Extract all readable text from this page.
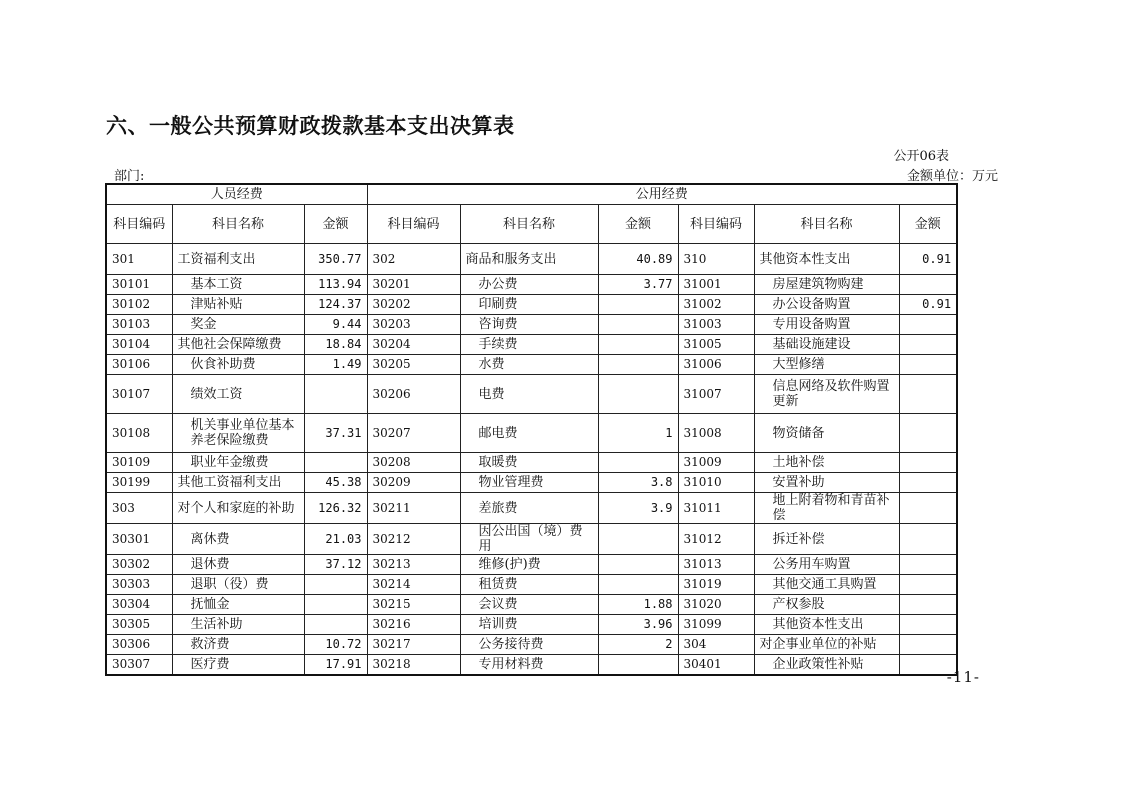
六、一般公共预算财政拨款基本支出决算表
公开06表
部门:	金额单位：万元
人员经费			公用经费					
科目编码	科目名称	金额	科目编码	科目名称	金额	科目编码	科目名称	金额
301	工资福利支出	350.77	302	商品和服务支出	40.89	310	其他资本性支出	0.91
30101	基本工资	113.94	30201	办公费	3.77	31001	房屋建筑物购建	
30102	津贴补贴	124.37	30202	印刷费		31002	办公设备购置	0.91
30103	奖金	9.44	30203	咨询费		31003	专用设备购置	
30104	其他社会保障缴费	18.84	30204	手续费		31005	基础设施建设	
30106	伙食补助费	1.49	30205	水费		31006	大型修缮	
30107	绩效工资		30206	电费		31007	信息网络及软件购置更新	
30108	机关事业单位基本养老保险缴费	37.31	30207	邮电费	1	31008	物资储备	
30109	职业年金缴费		30208	取暖费		31009	土地补偿	
30199	其他工资福利支出	45.38	30209	物业管理费	3.8	31010	安置补助	
303	对个人和家庭的补助	126.32	30211	差旅费	3.9	31011	地上附着物和青苗补偿	
30301	离休费	21.03	30212	因公出国（境）费用		31012	拆迁补偿	
30302	退休费	37.12	30213	维修(护)费		31013	公务用车购置	
30303	退职（役）费		30214	租赁费		31019	其他交通工具购置	
30304	抚恤金		30215	会议费	1.88	31020	产权参股	
30305	生活补助		30216	培训费	3.96	31099	其他资本性支出	
30306	救济费	10.72	30217	公务接待费	2	304	对企事业单位的补贴	
30307	医疗费	17.91	30218	专用材料费		30401	企业政策性补贴	
-11-
